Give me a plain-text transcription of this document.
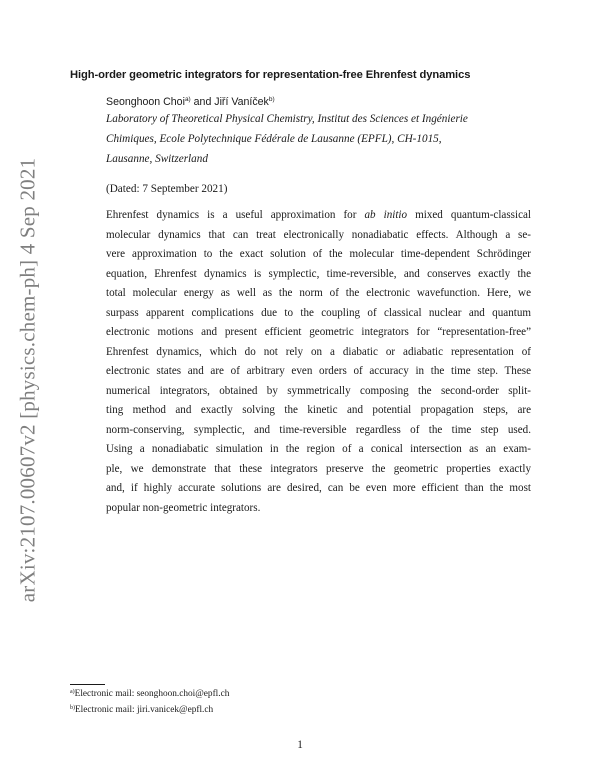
arXiv:2107.00607v2 [physics.chem-ph] 4 Sep 2021
High-order geometric integrators for representation-free Ehrenfest dynamics
Seonghoon Choi$^{a)}$ and Jiří Vaníček$^{b)}$
Laboratory of Theoretical Physical Chemistry, Institut des Sciences et Ingénierie
Chimiques, Ecole Polytechnique Fédérale de Lausanne (EPFL), CH-1015,
Lausanne, Switzerland
(Dated: 7 September 2021)
Ehrenfest dynamics is a useful approximation for ab initio mixed quantum-classical
molecular dynamics that can treat electronically nonadiabatic effects. Although a se-
vere approximation to the exact solution of the molecular time-dependent Schrödinger
equation, Ehrenfest dynamics is symplectic, time-reversible, and conserves exactly the
total molecular energy as well as the norm of the electronic wavefunction. Here, we
surpass apparent complications due to the coupling of classical nuclear and quantum
electronic motions and present efficient geometric integrators for “representation-free”
Ehrenfest dynamics, which do not rely on a diabatic or adiabatic representation of
electronic states and are of arbitrary even orders of accuracy in the time step. These
numerical integrators, obtained by symmetrically composing the second-order split-
ting method and exactly solving the kinetic and potential propagation steps, are
norm-conserving, symplectic, and time-reversible regardless of the time step used.
Using a nonadiabatic simulation in the region of a conical intersection as an exam-
ple, we demonstrate that these integrators preserve the geometric properties exactly
and, if highly accurate solutions are desired, can be even more efficient than the most
popular non-geometric integrators.
$^{a)}$Electronic mail: seonghoon.choi@epfl.ch
$^{b)}$Electronic mail: jiri.vanicek@epfl.ch
1
